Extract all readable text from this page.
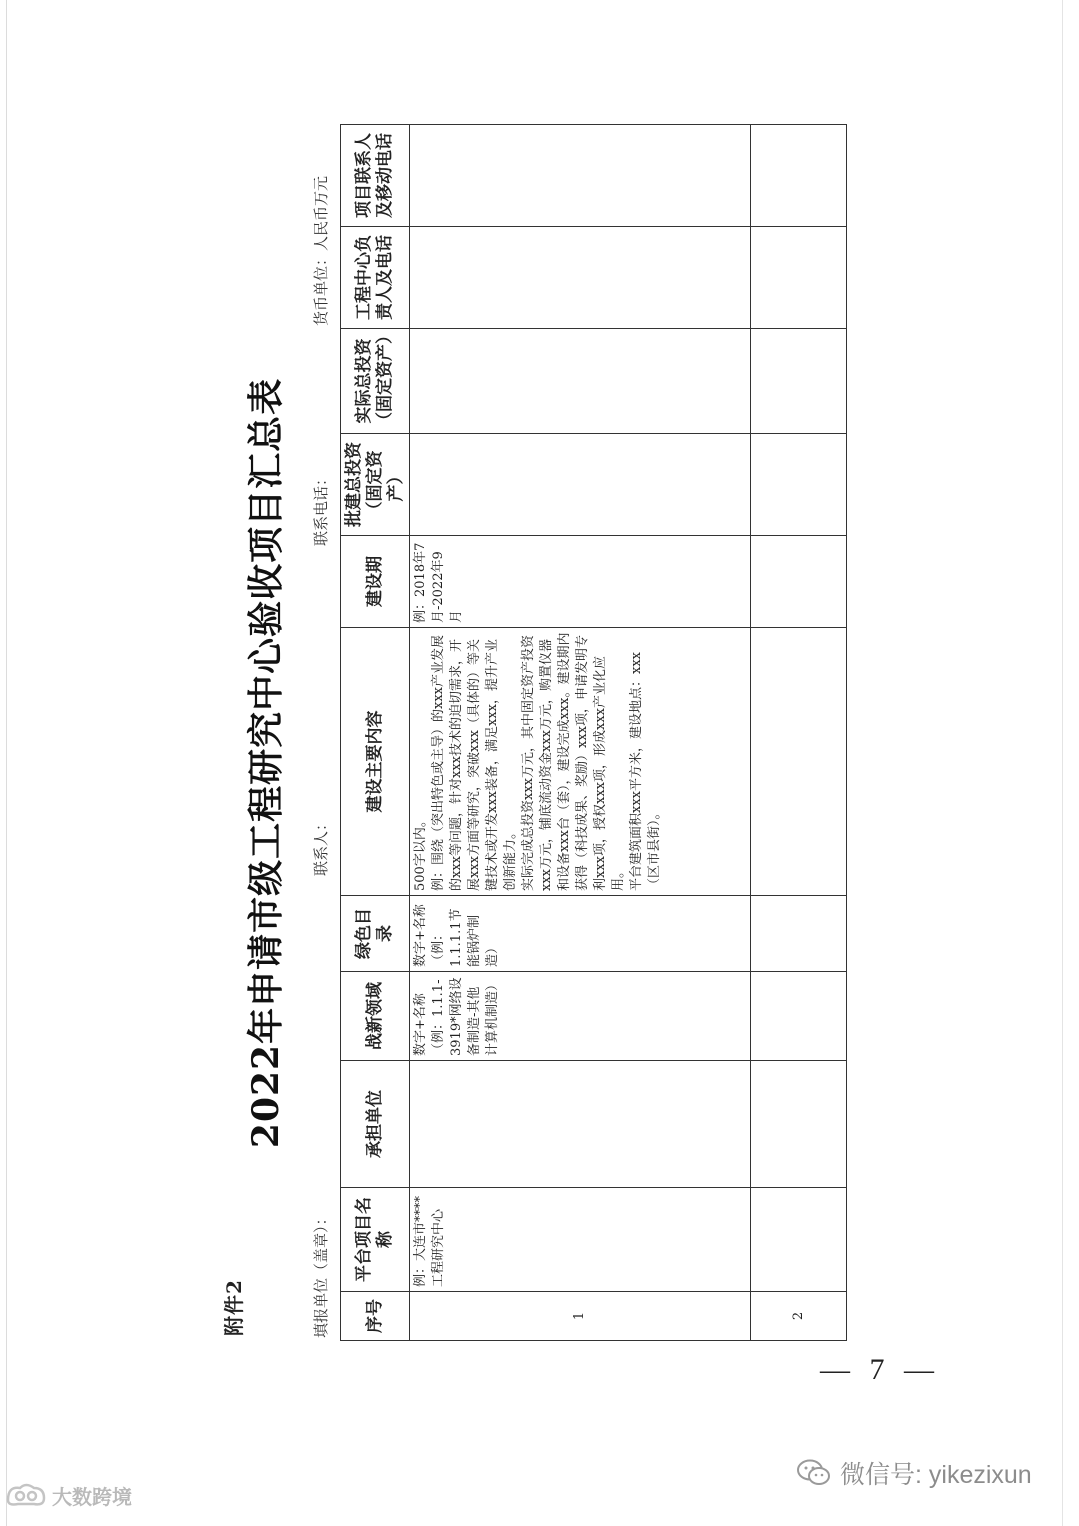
附件2
2022年申请市级工程研究中心验收项目汇总表
填报单位（盖章）：
联系人：
联系电话：
货币单位：人民币万元
序号	平台项目名称	承担单位	战新领域	绿色目录	建设主要内容	建设期	批建总投资（固定资产）	实际总投资（固定资产）	工程中心负责人及电话	项目联系人及移动电话
1	例：大连市****工程研究中心		数字+名称（例：1.1.1-3919*网络设备制造-其他计算机制造）	数字+名称（例：1.1.1.1节能锅炉制造）	500字以内。 例：围绕（突出特色或主导）的xxx产业发展的xxx等问题，针对xxx技术的迫切需求，开展xxx方面等研究，突破xxx（具体的）等关键技术或开发xxx装备，满足xxx，提升产业创新能力。 实际完成总投资xxx万元，其中固定资产投资xxx万元，铺底流动资金xxx万元，购置仪器和设备xxx台（套），建设完成xxx。建设期内获得（科技成果、奖励）xxx项，申请发明专利xxx项，授权xxx项，形成xxx产业化应用。 平台建筑面积xxx平方米，建设地点：xxx（区市县街）。	例：2018年7月-2022年9月				
2										
— 7 —
微信号: yikezixun
大数跨境
